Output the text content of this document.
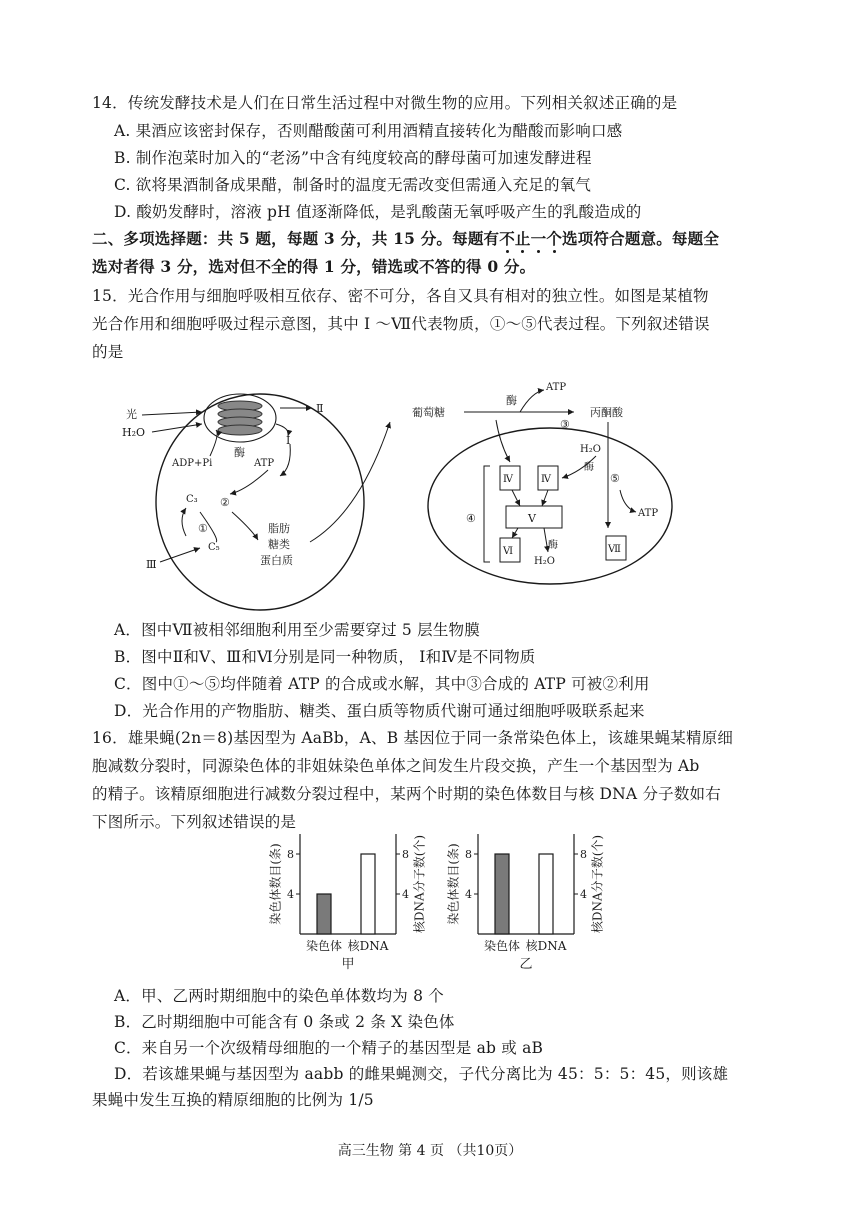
14．传统发酵技术是人们在日常生活过程中对微生物的应用。下列相关叙述正确的是
A. 果酒应该密封保存，否则醋酸菌可利用酒精直接转化为醋酸而影响口感
B. 制作泡菜时加入的“老汤”中含有纯度较高的酵母菌可加速发酵进程
C. 欲将果酒制备成果醋，制备时的温度无需改变但需通入充足的氧气
D. 酸奶发酵时，溶液 pH 值逐渐降低，是乳酸菌无氧呼吸产生的乳酸造成的
二、多项选择题：共 5 题，每题 3 分，共 15 分。每题有不止一个选项符合题意。每题全
选对者得 3 分，选对但不全的得 1 分，错选或不答的得 0 分。
15．光合作用与细胞呼吸相互依存、密不可分，各自又具有相对的独立性。如图是某植物
光合作用和细胞呼吸过程示意图，其中 Ⅰ ～Ⅶ代表物质，①～⑤代表过程。下列叙述错误
的是
光
H₂O
Ⅱ
Ⅰ
酶
ADP+Pi	ATP
C₃ ②
①
C₅
Ⅲ
脂肪
糖类
蛋白质
葡萄糖
酶
ATP
丙酮酸
③
Ⅳ	Ⅳ
H₂O
酶
⑤
ATP
Ⅴ
④
Ⅵ
酶
H₂O
Ⅶ
A．图中Ⅶ被相邻细胞利用至少需要穿过 5 层生物膜
B．图中Ⅱ和Ⅴ、Ⅲ和Ⅵ分别是同一种物质， Ⅰ和Ⅳ是不同物质
C．图中①～⑤均伴随着 ATP 的合成或水解，其中③合成的 ATP 可被②利用
D．光合作用的产物脂肪、糖类、蛋白质等物质代谢可通过细胞呼吸联系起来
16．雄果蝇(2n＝8)基因型为 AaBb，A、B 基因位于同一条常染色体上，该雄果蝇某精原细
胞减数分裂时，同源染色体的非姐妹染色单体之间发生片段交换，产生一个基因型为 Ab
的精子。该精原细胞进行减数分裂过程中，某两个时期的染色体数目与核 DNA 分子数如右
下图所示。下列叙述错误的是
染色体数目(条)	核DNA分子数(个)
4	4
8	8
染色体 核DNA
甲
染色体数目(条)	核DNA分子数(个)
4	4
8	8
染色体 核DNA
乙
A．甲、乙两时期细胞中的染色单体数均为 8 个
B．乙时期细胞中可能含有 0 条或 2 条 X 染色体
C．来自另一个次级精母细胞的一个精子的基因型是 ab 或 aB
D．若该雄果蝇与基因型为 aabb 的雌果蝇测交，子代分离比为 45：5：5：45，则该雄
果蝇中发生互换的精原细胞的比例为 1/5
高三生物 第 4 页 （共10页）
